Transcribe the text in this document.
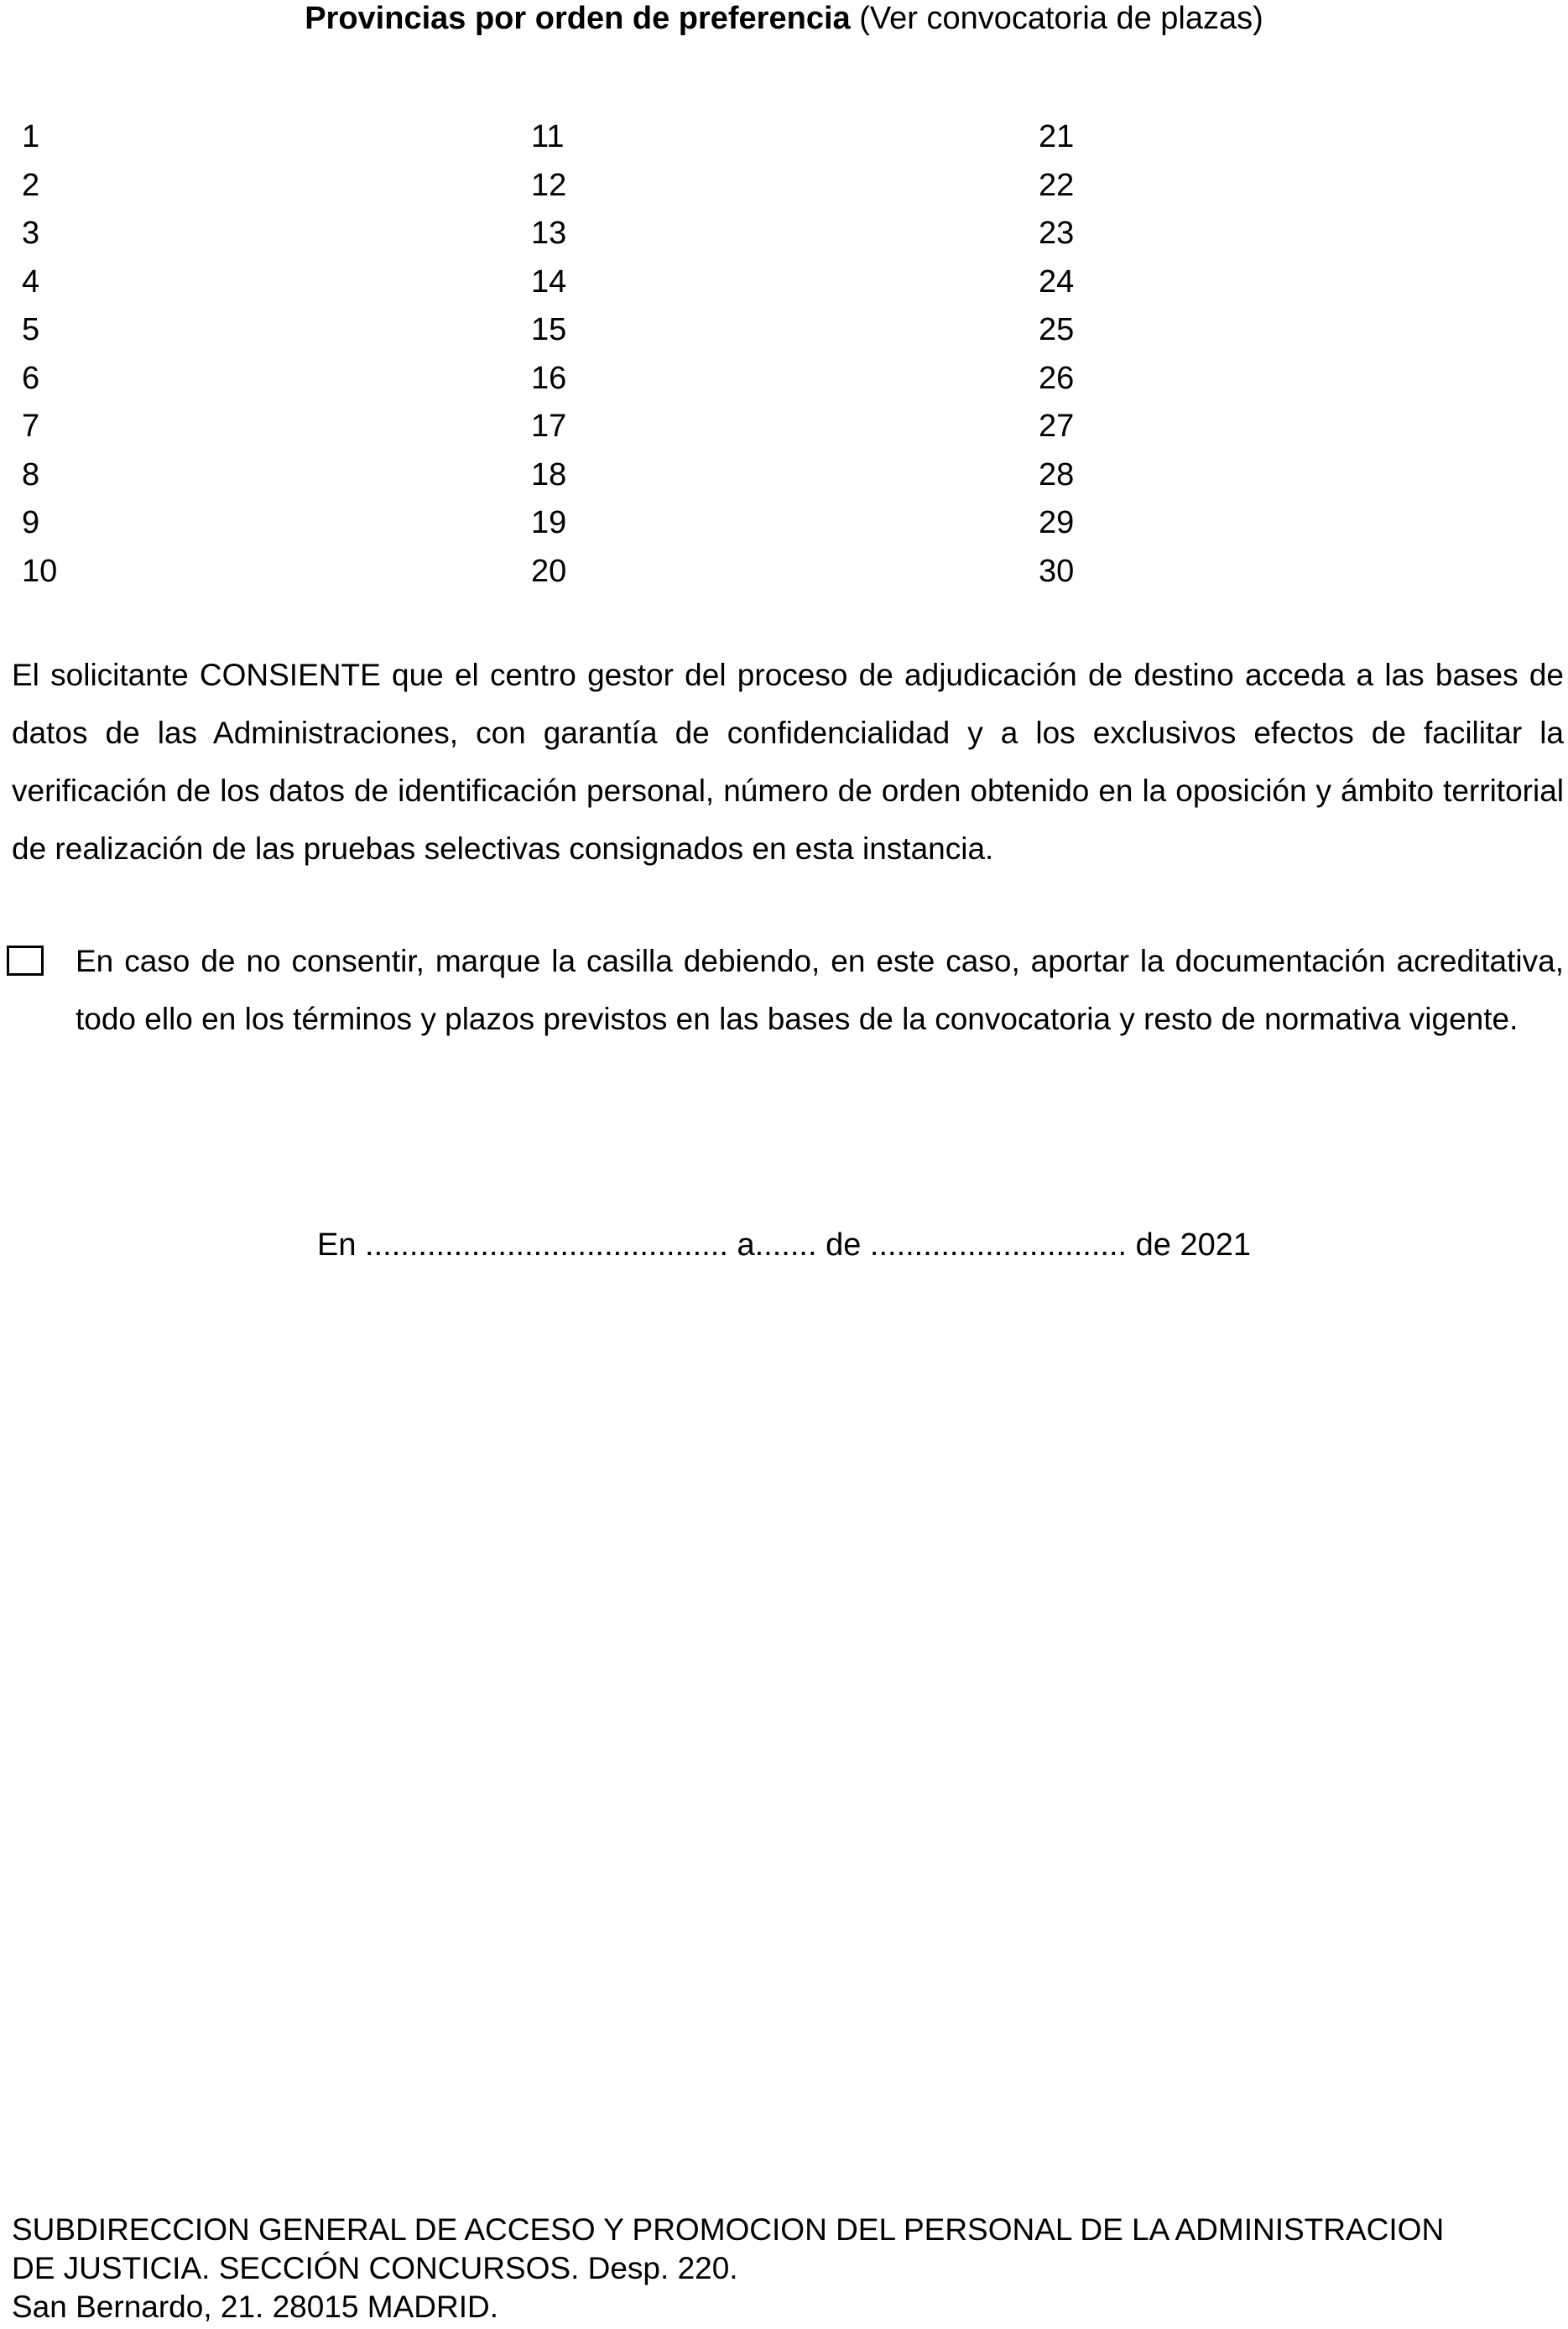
Provincias por orden de preferencia (Ver convocatoria de plazas)
1
2
3
4
5
6
7
8
9
10
11
12
13
14
15
16
17
18
19
20
21
22
23
24
25
26
27
28
29
30
El solicitante CONSIENTE que el centro gestor del proceso de adjudicación de destino acceda a las bases de datos de las Administraciones, con garantía de confidencialidad y a los exclusivos efectos de facilitar la verificación de los datos de identificación personal, número de orden obtenido en la oposición y ámbito territorial de realización de las pruebas selectivas consignados en esta instancia.
En caso de no consentir, marque la casilla debiendo, en este caso, aportar la documentación acreditativa, todo ello en los términos y plazos previstos en las bases de la convocatoria y resto de normativa vigente.
En ......................................... a....... de ............................. de 2021
SUBDIRECCION GENERAL DE ACCESO Y PROMOCION DEL PERSONAL DE LA ADMINISTRACION
DE JUSTICIA. SECCIÓN CONCURSOS. Desp. 220.
San Bernardo, 21. 28015 MADRID.
